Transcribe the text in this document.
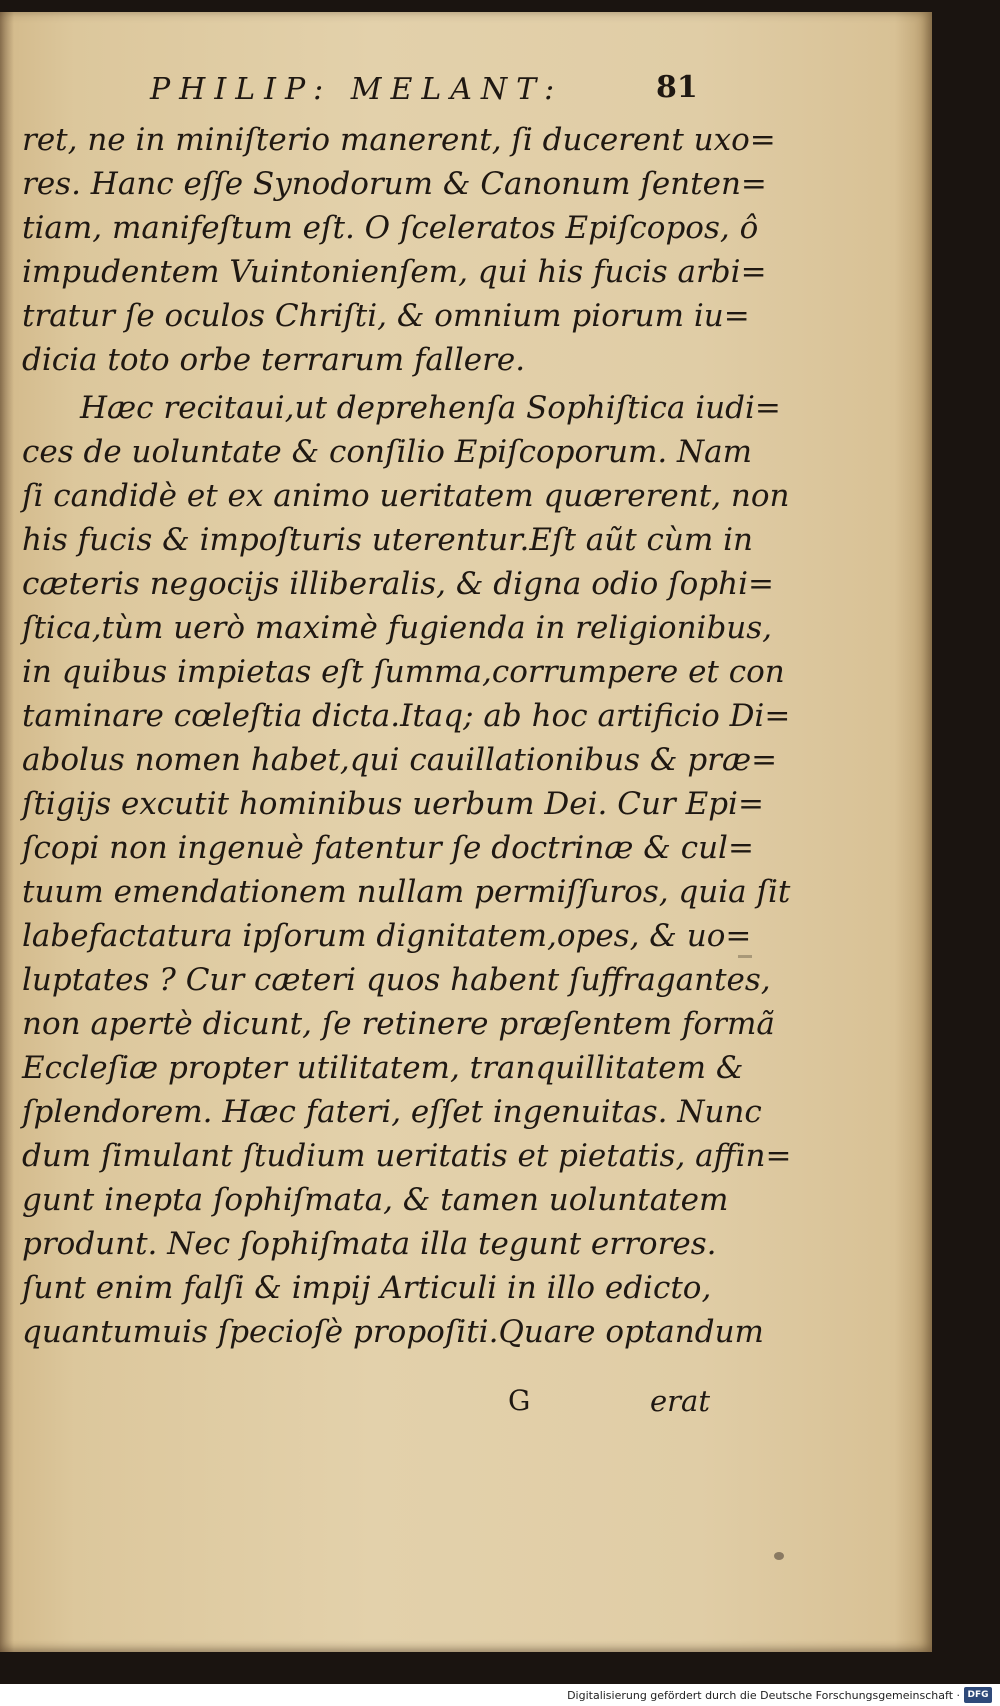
PHILIP: MELANT:	81
ret, ne in miniſterio manerent, ſi ducerent uxo=
res. Hanc eſſe Synodorum & Canonum ſenten=
tiam, manifeſtum eſt. O ſceleratos Epiſcopos, ô
impudentem Vuintonienſem, qui his fucis arbi=
tratur ſe oculos Chriſti, & omnium piorum iu=
dicia toto orbe terrarum fallere.
Hæc recitaui,ut deprehenſa Sophiſtica iudi=
ces de uoluntate & conſilio Epiſcoporum. Nam
ſi candidè et ex animo ueritatem quærerent, non
his fucis & impoſturis uterentur.Eſt aũt cùm in
cæteris negocijs illiberalis, & digna odio ſophi=
ſtica,tùm uerò maximè fugienda in religionibus,
in quibus impietas eſt ſumma,corrumpere et con
taminare cœleſtia dicta.Itaq; ab hoc artificio Di=
abolus nomen habet,qui cauillationibus & præ=
ſtigijs excutit hominibus uerbum Dei. Cur Epi=
ſcopi non ingenuè fatentur ſe doctrinæ & cul=
tuum emendationem nullam permiſſuros, quia ſit
labefactatura ipſorum dignitatem,opes, & uo=
luptates ? Cur cæteri quos habent ſuffragantes,
non apertè dicunt, ſe retinere præſentem formã
Eccleſiæ propter utilitatem, tranquillitatem &
ſplendorem. Hæc fateri, eſſet ingenuitas. Nunc
dum ſimulant ſtudium ueritatis et pietatis, affin=
gunt inepta ſophiſmata, & tamen uoluntatem
produnt. Nec ſophiſmata illa tegunt errores.
ſunt enim falſi & impij Articuli in illo edicto,
quantumuis ſpecioſè propoſiti.Quare optandum
G	erat
Digitalisierung gefördert durch die Deutsche Forschungsgemeinschaft · DFG
